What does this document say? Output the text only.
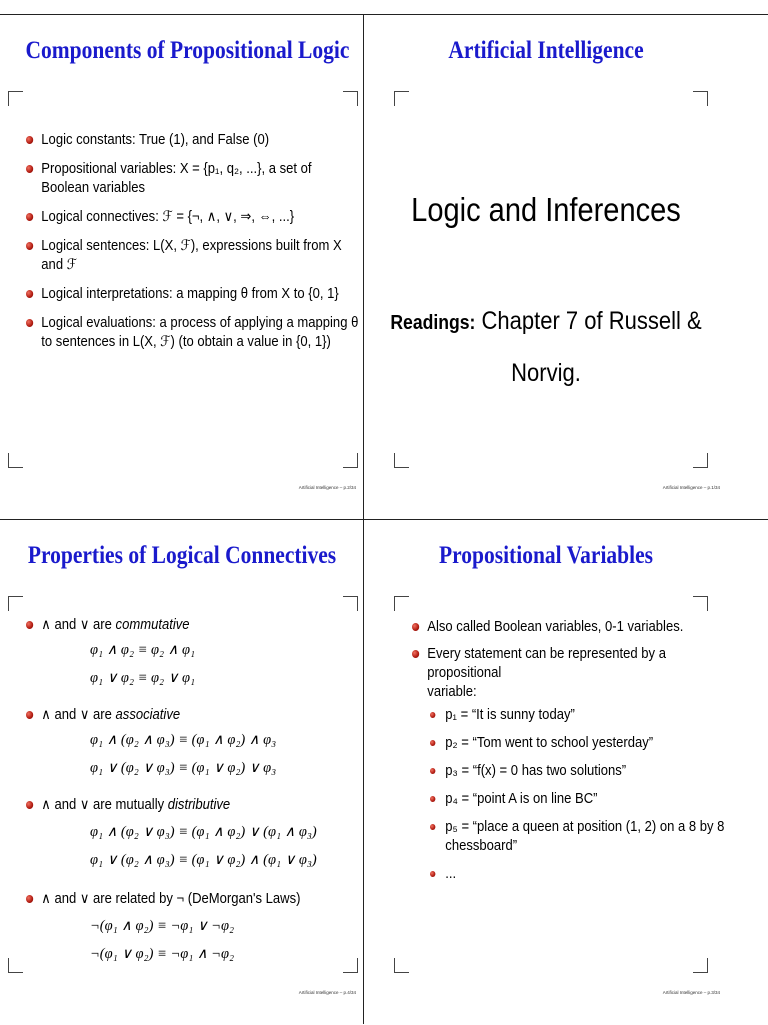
Components of Propositional Logic
Logic constants: True (1), and False (0)
Propositional variables: X = {p₁, q₂, ...}, a set of
Boolean variables
Logical connectives: ℱ = {¬, ∧, ∨, ⇒, ⇔, ...}
Logical sentences: L(X, ℱ), expressions built from X
and ℱ
Logical interpretations: a mapping θ from X to {0, 1}
Logical evaluations: a process of applying a mapping θ
to sentences in L(X, ℱ) (to obtain a value in {0, 1})
Artificial Intelligence – p.2/34
Artificial Intelligence
Logic and Inferences
Readings: Chapter 7 of Russell &
Norvig.
Artificial Intelligence – p.1/34
Properties of Logical Connectives
∧ and ∨ are commutative
φ₁ ∧ φ₂ ≡ φ₂ ∧ φ₁
φ₁ ∨ φ₂ ≡ φ₂ ∨ φ₁
∧ and ∨ are associative
φ₁ ∧ (φ₂ ∧ φ₃) ≡ (φ₁ ∧ φ₂) ∧ φ₃
φ₁ ∨ (φ₂ ∨ φ₃) ≡ (φ₁ ∨ φ₂) ∨ φ₃
∧ and ∨ are mutually distributive
φ₁ ∧ (φ₂ ∨ φ₃) ≡ (φ₁ ∧ φ₂) ∨ (φ₁ ∧ φ₃)
φ₁ ∨ (φ₂ ∧ φ₃) ≡ (φ₁ ∨ φ₂) ∧ (φ₁ ∨ φ₃)
∧ and ∨ are related by ¬ (DeMorgan's Laws)
¬(φ₁ ∧ φ₂) ≡ ¬φ₁ ∨ ¬φ₂
¬(φ₁ ∨ φ₂) ≡ ¬φ₁ ∧ ¬φ₂
Artificial Intelligence – p.4/34
Propositional Variables
Also called Boolean variables, 0-1 variables.
Every statement can be represented by a propositional
variable:
p₁ = “It is sunny today”
p₂ = “Tom went to school yesterday”
p₃ = “f(x) = 0 has two solutions”
p₄ = “point A is on line BC”
p₅ = “place a queen at position (1, 2) on a 8 by 8
chessboard”
...
Artificial Intelligence – p.3/34
